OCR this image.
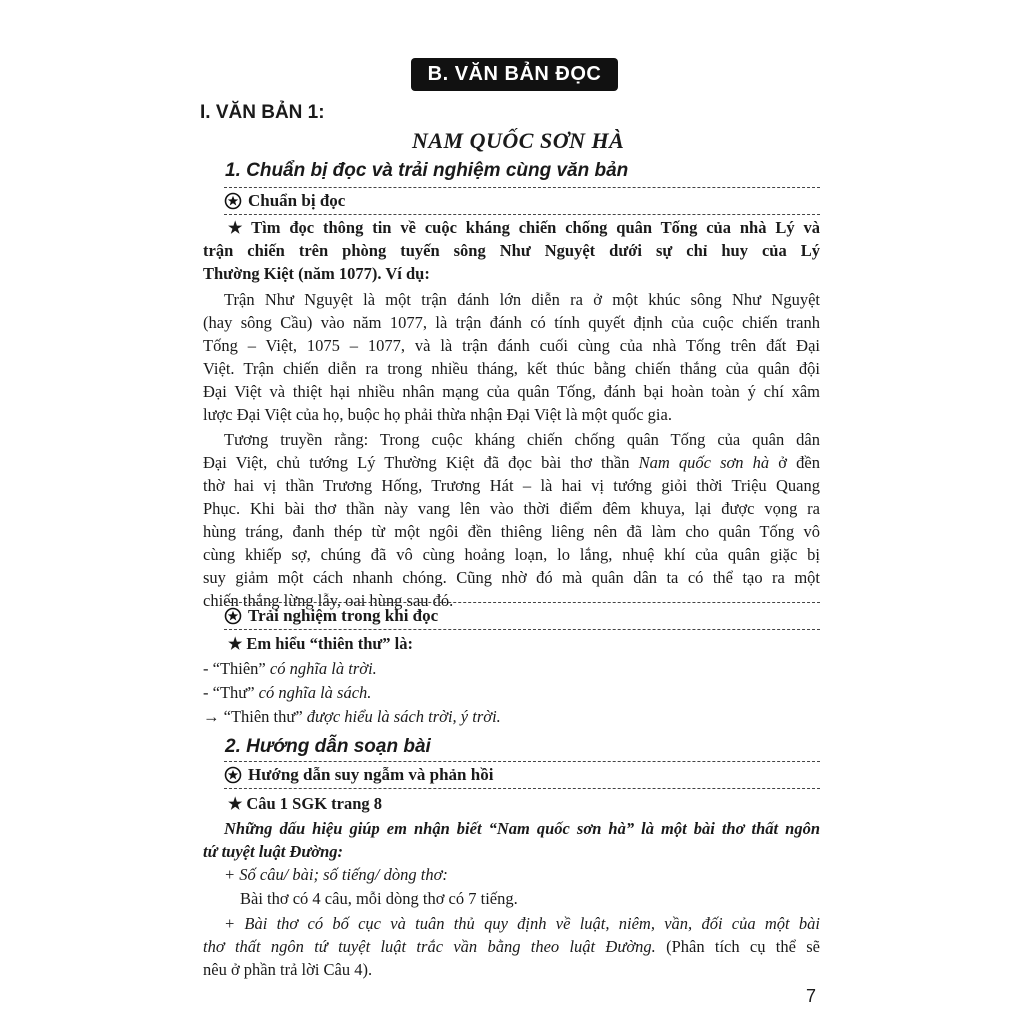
B. VĂN BẢN ĐỌC
I. VĂN BẢN 1:
NAM QUỐC SƠN HÀ
1. Chuẩn bị đọc và trải nghiệm cùng văn bản
Chuẩn bị đọc
★ Tìm đọc thông tin về cuộc kháng chiến chống quân Tống của nhà Lý và
trận chiến trên phòng tuyến sông Như Nguyệt dưới sự chỉ huy của Lý
Thường Kiệt (năm 1077). Ví dụ:
Trận Như Nguyệt là một trận đánh lớn diễn ra ở một khúc sông Như Nguyệt
(hay sông Cầu) vào năm 1077, là trận đánh có tính quyết định của cuộc chiến tranh
Tống – Việt, 1075 – 1077, và là trận đánh cuối cùng của nhà Tống trên đất Đại
Việt. Trận chiến diễn ra trong nhiều tháng, kết thúc bằng chiến thắng của quân đội
Đại Việt và thiệt hại nhiều nhân mạng của quân Tống, đánh bại hoàn toàn ý chí xâm
lược Đại Việt của họ, buộc họ phải thừa nhận Đại Việt là một quốc gia.
Tương truyền rằng: Trong cuộc kháng chiến chống quân Tống của quân dân
Đại Việt, chủ tướng Lý Thường Kiệt đã đọc bài thơ thần Nam quốc sơn hà ở đền
thờ hai vị thần Trương Hống, Trương Hát – là hai vị tướng giỏi thời Triệu Quang
Phục. Khi bài thơ thần này vang lên vào thời điểm đêm khuya, lại được vọng ra
hùng tráng, đanh thép từ một ngôi đền thiêng liêng nên đã làm cho quân Tống vô
cùng khiếp sợ, chúng đã vô cùng hoảng loạn, lo lắng, nhuệ khí của quân giặc bị
suy giảm một cách nhanh chóng. Cũng nhờ đó mà quân dân ta có thể tạo ra một
chiến thắng lừng lẫy, oai hùng sau đó.
Trải nghiệm trong khi đọc
★ Em hiểu “thiên thư” là:
- “Thiên” có nghĩa là trời.
- “Thư” có nghĩa là sách.
→ “Thiên thư” được hiểu là sách trời, ý trời.
2. Hướng dẫn soạn bài
Hướng dẫn suy ngẫm và phản hồi
★ Câu 1 SGK trang 8
Những dấu hiệu giúp em nhận biết “Nam quốc sơn hà” là một bài thơ thất ngôn
tứ tuyệt luật Đường:
+ Số câu/ bài; số tiếng/ dòng thơ:
Bài thơ có 4 câu, mỗi dòng thơ có 7 tiếng.
+ Bài thơ có bố cục và tuân thủ quy định về luật, niêm, vần, đối của một bài
thơ thất ngôn tứ tuyệt luật trắc vần bằng theo luật Đường. (Phân tích cụ thể sẽ
nêu ở phần trả lời Câu 4).
7
